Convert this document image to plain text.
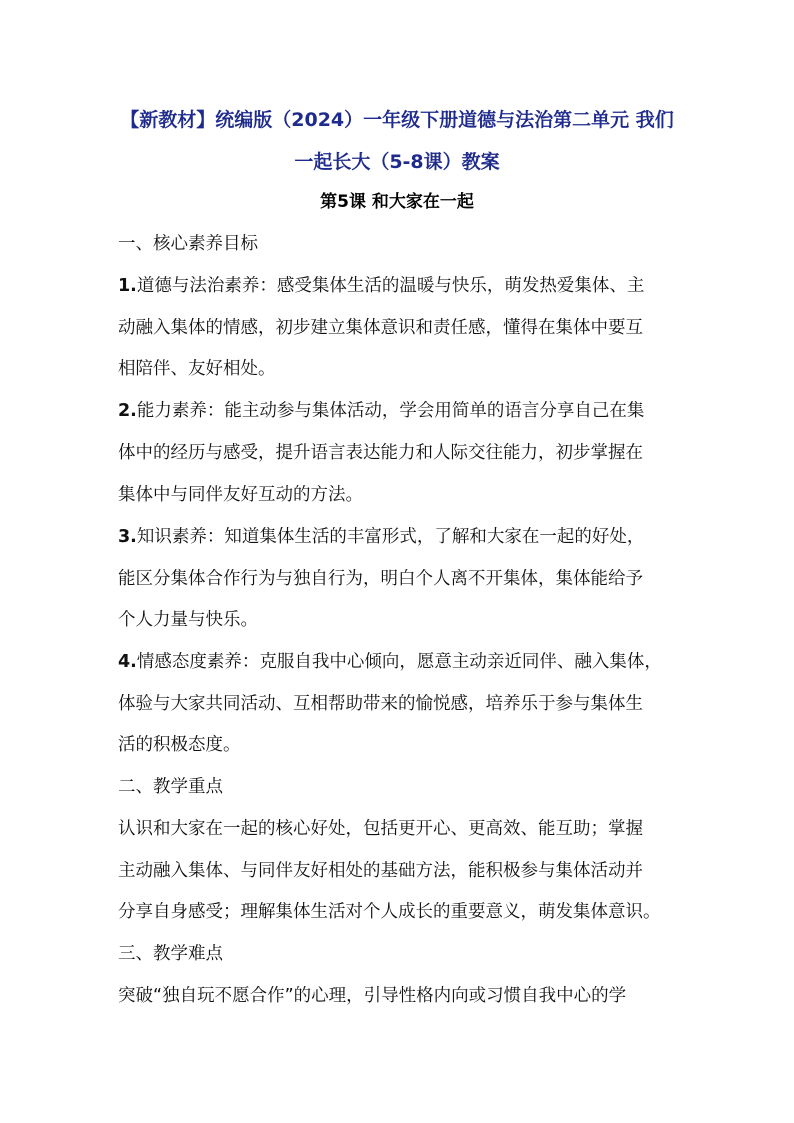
【新教材】统编版（2024）一年级下册道德与法治第二单元 我们
一起长大（5-8课）教案
第5课 和大家在一起
一、核心素养目标
1.道德与法治素养：感受集体生活的温暖与快乐，萌发热爱集体、主
动融入集体的情感，初步建立集体意识和责任感，懂得在集体中要互
相陪伴、友好相处。
2.能力素养：能主动参与集体活动，学会用简单的语言分享自己在集
体中的经历与感受，提升语言表达能力和人际交往能力，初步掌握在
集体中与同伴友好互动的方法。
3.知识素养：知道集体生活的丰富形式，了解和大家在一起的好处，
能区分集体合作行为与独自行为，明白个人离不开集体，集体能给予
个人力量与快乐。
4.情感态度素养：克服自我中心倾向，愿意主动亲近同伴、融入集体，
体验与大家共同活动、互相帮助带来的愉悦感，培养乐于参与集体生
活的积极态度。
二、教学重点
认识和大家在一起的核心好处，包括更开心、更高效、能互助；掌握
主动融入集体、与同伴友好相处的基础方法，能积极参与集体活动并
分享自身感受；理解集体生活对个人成长的重要意义，萌发集体意识。
三、教学难点
突破“独自玩不愿合作”的心理，引导性格内向或习惯自我中心的学
